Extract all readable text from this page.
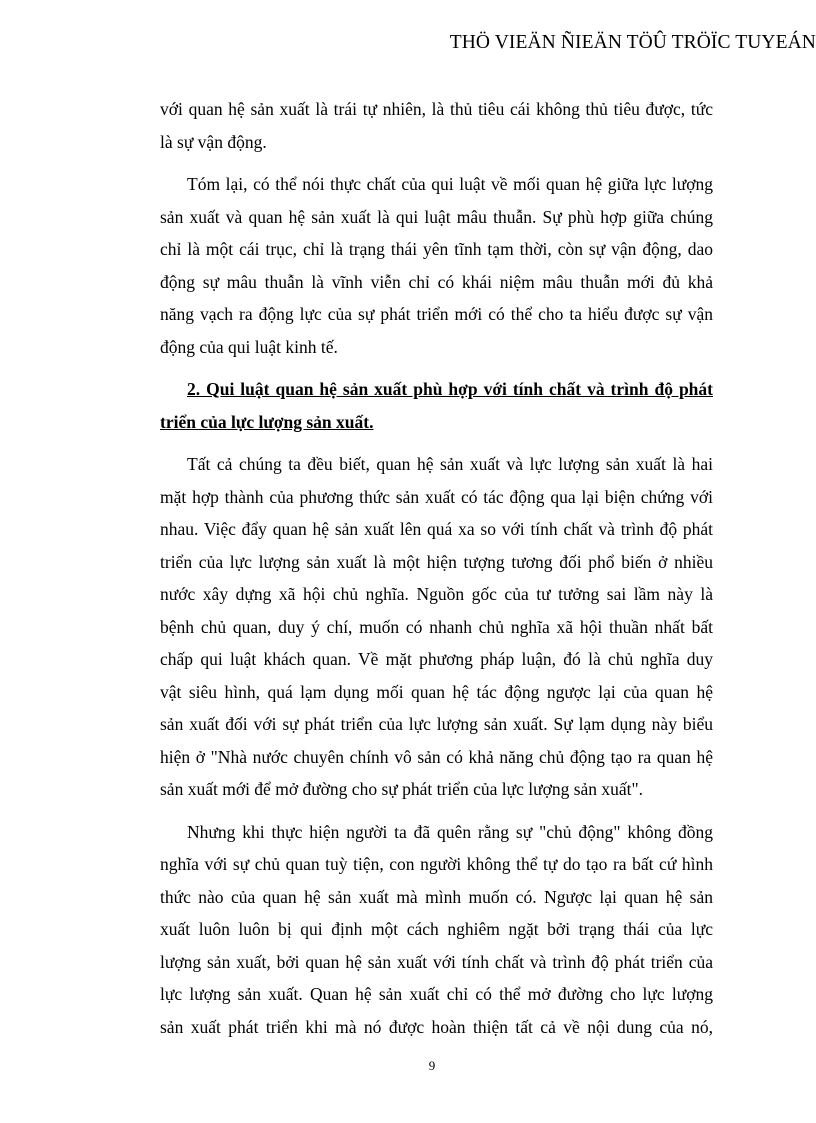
THÖ VIEÄN ÑIEÄN TÖÛ TRÖÏC TUYEÁN
với quan hệ sản xuất là trái tự nhiên, là thủ tiêu cái không thủ tiêu được, tức
là sự vận động.
Tóm lại, có thể nói thực chất của qui luật về mối quan hệ giữa lực lượng
sản xuất và quan hệ sản xuất là qui luật mâu thuẫn. Sự phù hợp giữa chúng
chỉ là một cái trục, chỉ là trạng thái yên tĩnh tạm thời, còn sự vận động, dao
động sự mâu thuẫn là vĩnh viễn chỉ có khái niệm mâu thuẫn mới đủ khả
năng vạch ra động lực của sự phát triển mới có thể cho ta hiểu được sự vận
động của qui luật kinh tế.
2. Qui luật quan hệ sản xuất phù hợp với tính chất và trình độ phát
triển của lực lượng sản xuất.
Tất cả chúng ta đều biết, quan hệ sản xuất và lực lượng sản xuất là hai
mặt hợp thành của phương thức sản xuất có tác động qua lại biện chứng với
nhau. Việc đẩy quan hệ sản xuất lên quá xa so với tính chất và trình độ phát
triển của lực lượng sản xuất là một hiện tượng tương đối phổ biến ở nhiều
nước xây dựng xã hội chủ nghĩa. Nguồn gốc của tư tưởng sai lầm này là
bệnh chủ quan, duy ý chí, muốn có nhanh chủ nghĩa xã hội thuần nhất bất
chấp qui luật khách quan. Về mặt phương pháp luận, đó là chủ nghĩa duy
vật siêu hình, quá lạm dụng mối quan hệ tác động ngược lại của quan hệ
sản xuất đối với sự phát triển của lực lượng sản xuất. Sự lạm dụng này biểu
hiện ở "Nhà nước chuyên chính vô sản có khả năng chủ động tạo ra quan hệ
sản xuất mới để mở đường cho sự phát triển của lực lượng sản xuất".
Nhưng khi thực hiện người ta đã quên rằng sự "chủ động" không đồng
nghĩa với sự chủ quan tuỳ tiện, con người không thể tự do tạo ra bất cứ hình
thức nào của quan hệ sản xuất mà mình muốn có. Ngược lại quan hệ sản
xuất luôn luôn bị qui định một cách nghiêm ngặt bởi trạng thái của lực
lượng sản xuất, bởi quan hệ sản xuất với tính chất và trình độ phát triển của
lực lượng sản xuất. Quan hệ sản xuất chỉ có thể mở đường cho lực lượng
sản xuất phát triển khi mà nó được hoàn thiện tất cả về nội dung của nó,
9
